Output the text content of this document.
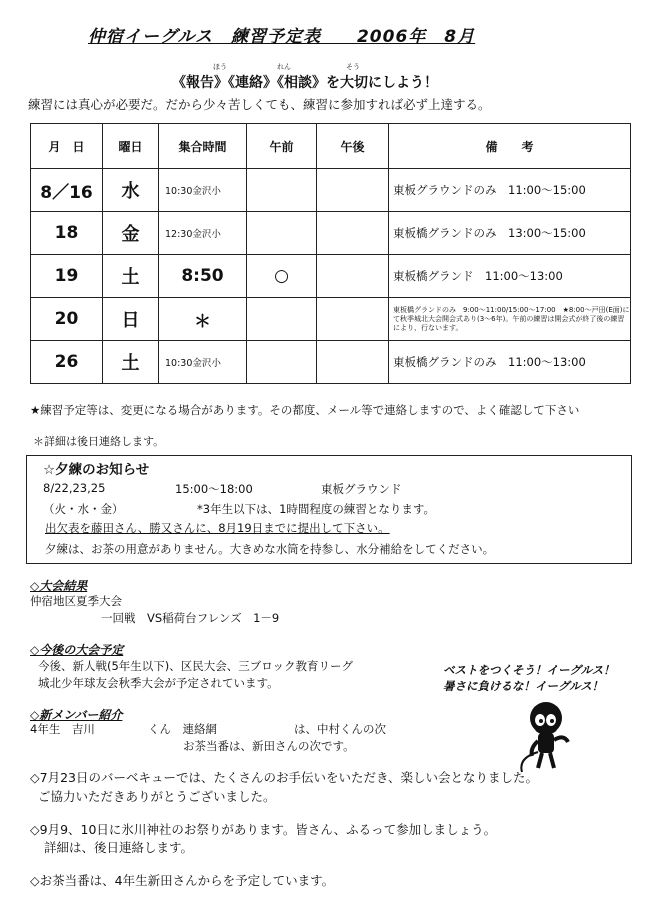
仲宿イーグルス　練習予定表　　2006年　8月
ほう	れん	そう
《報告》《連絡》《相談》を大切にしよう！
練習には真心が必要だ。だから少々苦しくても、練習に参加すれば必ず上達する。
月　日	曜日	集合時間	午前	午後	備　　考
8／16	水	10:30金沢小			東板グラウンドのみ　11:00～15:00
18	金	12:30金沢小			東板橋グランドのみ　13:00～15:00
19	土	8:50	○		東板橋グランド　11:00～13:00
20	日	＊			東板橋グランドのみ　9:00～11:00/15:00～17:00　★8:00～戸田(E面)にて秋季城北大会開会式あり(3～6年)。午前の練習は開会式が終了後の練習により、行ないます。
26	土	10:30金沢小			東板橋グランドのみ　11:00～13:00
★練習予定等は、変更になる場合があります。その都度、メール等で連絡しますので、よく確認して下さい
＊詳細は後日連絡します。
☆夕練のお知らせ
8/22,23,25	15:00～18:00	東板グラウンド
（火・水・金）	*3年生以下は、1時間程度の練習となります。
出欠表を藤田さん、勝又さんに、8月19日までに提出して下さい。
夕練は、お茶の用意がありません。大きめな水筒を持参し、水分補給をしてください。
◇大会結果
仲宿地区夏季大会
一回戦　VS稲荷台フレンズ　1－9
◇今後の大会予定
今後、新人戦(5年生以下)、区民大会、三ブロック教育リーグ
城北少年球友会秋季大会が予定されています。
ベストをつくそう！イーグルス！
暑さに負けるな！イーグルス！
◇新メンバー紹介
4年生　吉川	くん　連絡網	は、中村くんの次
お茶当番は、新田さんの次です。
◇7月23日のバーベキューでは、たくさんのお手伝いをいただき、楽しい会となりました。
ご協力いただきありがとうございました。
◇9月9、10日に氷川神社のお祭りがあります。皆さん、ふるって参加しましょう。
詳細は、後日連絡します。
◇お茶当番は、4年生新田さんからを予定しています。
